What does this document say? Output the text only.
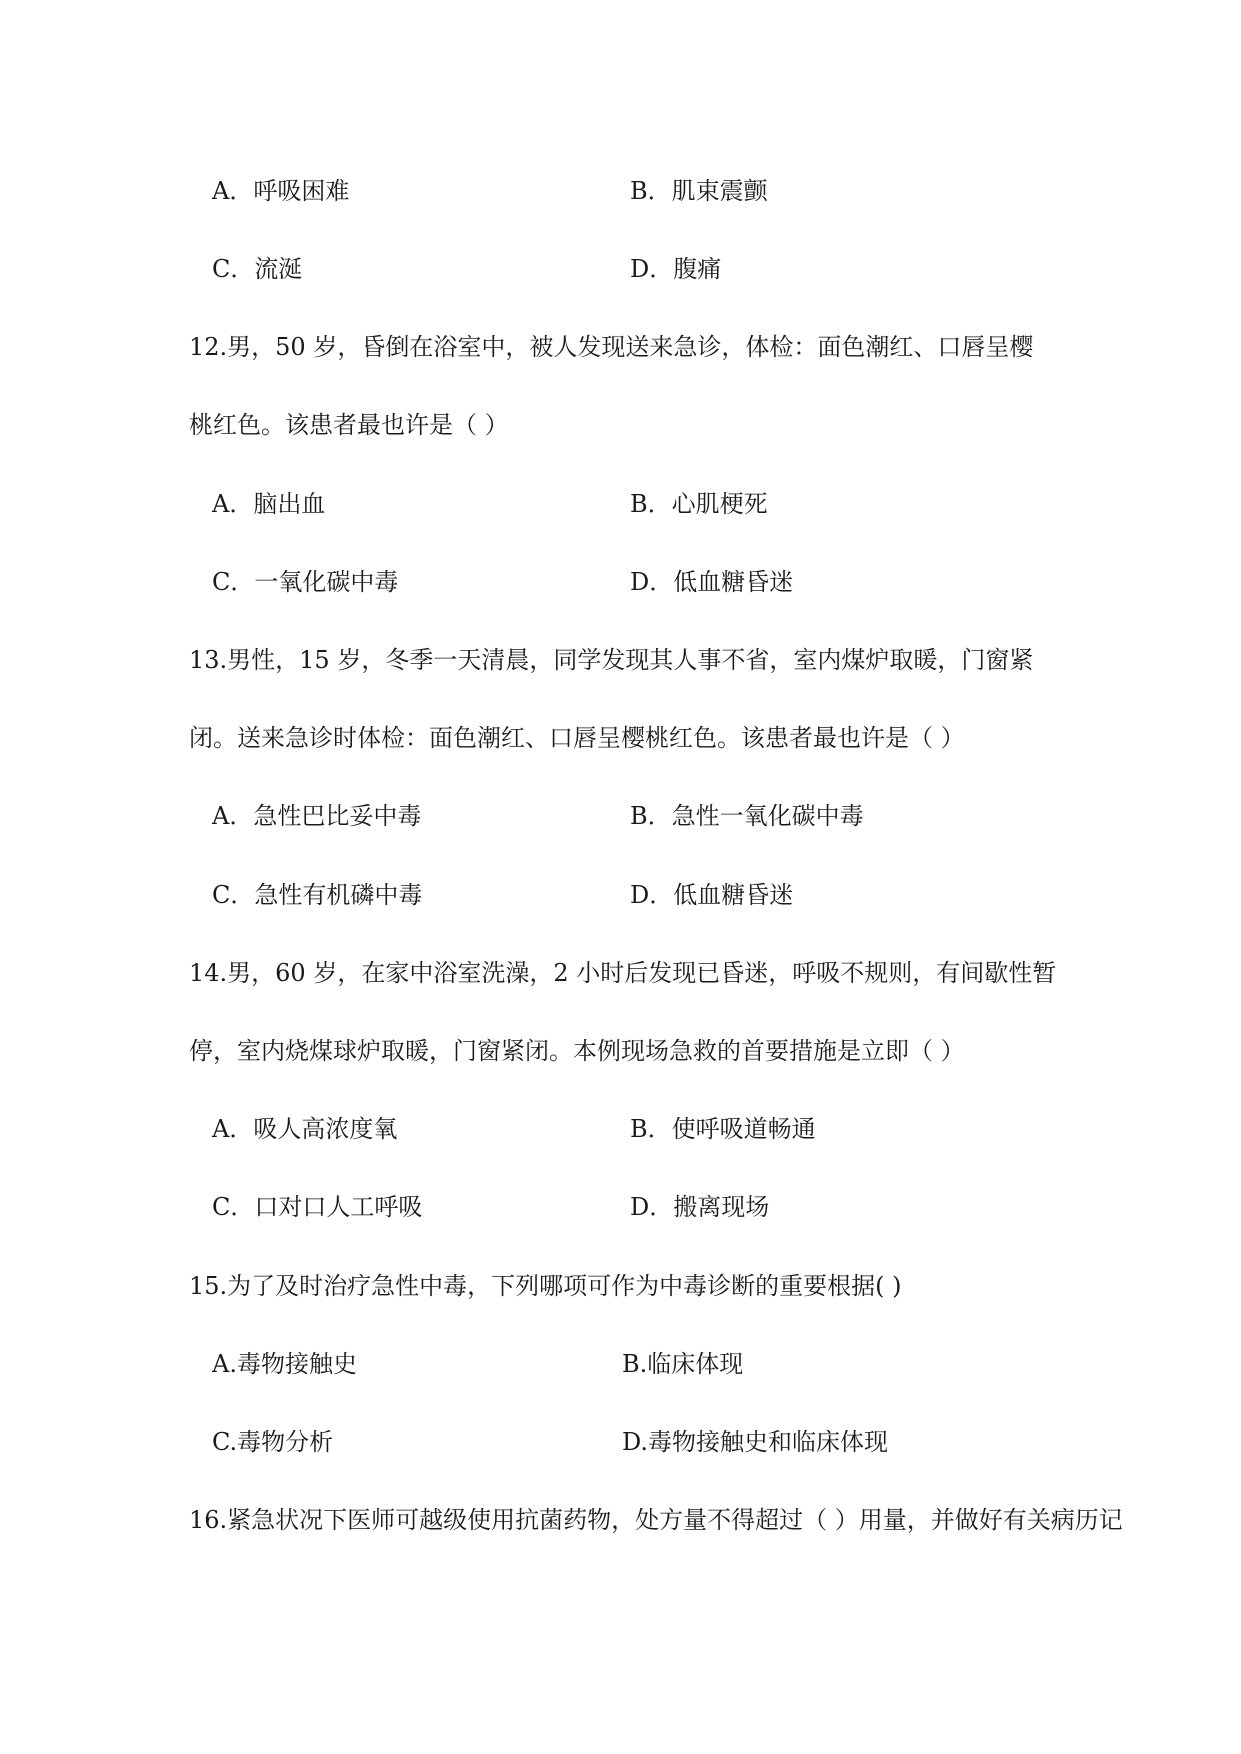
A．呼吸困难	B．肌束震颤
C．流涎	D．腹痛
12.男，50 岁，昏倒在浴室中，被人发现送来急诊，体检：面色潮红、口唇呈樱
桃红色。该患者最也许是（ ）
A．脑出血	B．心肌梗死
C．一氧化碳中毒	D．低血糖昏迷
13.男性，15 岁，冬季一天清晨，同学发现其人事不省，室内煤炉取暖，门窗紧
闭。送来急诊时体检：面色潮红、口唇呈樱桃红色。该患者最也许是（ ）
A．急性巴比妥中毒	B．急性一氧化碳中毒
C．急性有机磷中毒	D．低血糖昏迷
14.男，60 岁，在家中浴室洗澡，2 小时后发现已昏迷，呼吸不规则，有间歇性暂
停，室内烧煤球炉取暖，门窗紧闭。本例现场急救的首要措施是立即（ ）
A．吸人高浓度氧	B．使呼吸道畅通
C．口对口人工呼吸	D．搬离现场
15.为了及时治疗急性中毒，下列哪项可作为中毒诊断的重要根据( )
A.毒物接触史	B.临床体现
C.毒物分析	D.毒物接触史和临床体现
16.紧急状况下医师可越级使用抗菌药物，处方量不得超过（ ）用量，并做好有关病历记
